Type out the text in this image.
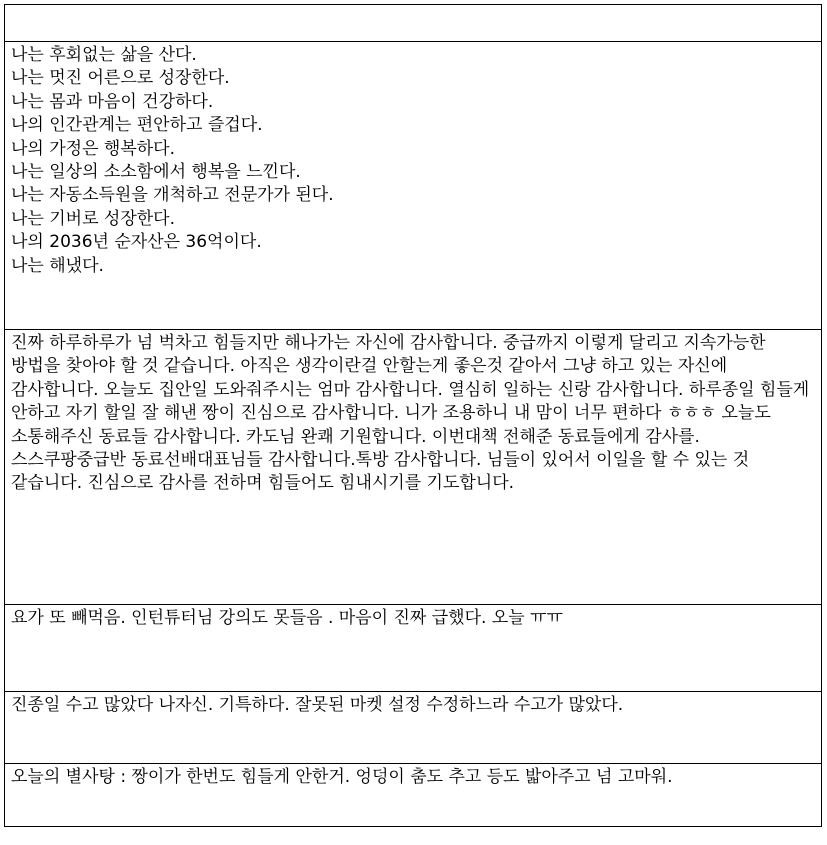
나는 후회없는 삶을 산다.
나는 멋진 어른으로 성장한다.
나는 몸과 마음이 건강하다.
나의 인간관계는 편안하고 즐겁다.
나의 가정은 행복하다.
나는 일상의 소소함에서 행복을 느낀다.
나는 자동소득원을 개척하고 전문가가 된다.
나는 기버로 성장한다.
나의 2036년 순자산은 36억이다.
나는 해냈다.

진짜 하루하루가 넘 벅차고 힘들지만 해나가는 자신에 감사합니다. 중급까지 이렇게 달리고 지속가능한 방법을 찾아야 할 것 같습니다. 아직은 생각이란걸 안할는게 좋은것 같아서 그냥 하고 있는 자신에 감사합니다. 오늘도 집안일 도와줘주시는 엄마 감사합니다. 열심히 일하는 신랑 감사합니다. 하루종일 힘들게 안하고 자기 할일 잘 해낸 짱이 진심으로 감사합니다. 니가 조용하니 내 맘이 너무 편하다 ㅎㅎㅎ 오늘도 소통해주신 동료들 감사합니다. 카도님 완쾌 기원합니다. 이번대책 전해준 동료들에게 감사를. 스스쿠팡중급반 동료선배대표님들 감사합니다.톡방 감사합니다. 님들이 있어서 이일을 할 수 있는 것 같습니다. 진심으로 감사를 전하며 힘들어도 힘내시기를 기도합니다.

요가 또 빼먹음. 인턴튜터님 강의도 못들음 . 마음이 진짜 급했다. 오늘 ㅠㅠ

진종일 수고 많았다 나자신. 기특하다. 잘못된 마켓 설정 수정하느라 수고가 많았다.

오늘의 별사탕 : 짱이가 한번도 힘들게 안한거. 엉덩이 춤도 추고 등도 밟아주고 넘 고마워.
